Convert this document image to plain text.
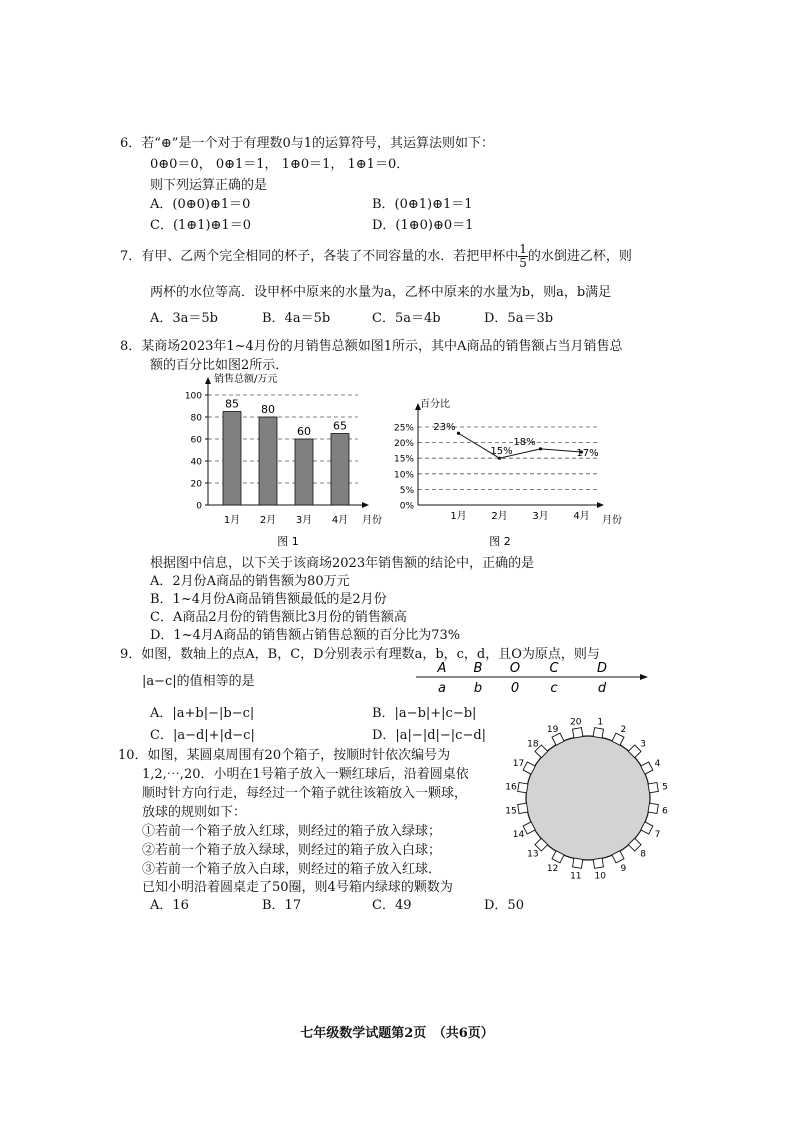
6．若“⊕”是一个对于有理数0与1的运算符号，其运算法则如下：
0⊕0＝0， 0⊕1＝1， 1⊕0＝1， 1⊕1＝0．
则下列运算正确的是
A．(0⊕0)⊕1＝0	B．(0⊕1)⊕1＝1
C．(1⊕1)⊕1＝0	D．(1⊕0)⊕0＝1
7．有甲、乙两个完全相同的杯子，各装了不同容量的水．若把甲杯中 $\frac{1}{5}$ 的水倒进乙杯，则
两杯的水位等高．设甲杯中原来的水量为a，乙杯中原来的水量为b，则a，b满足
A．3a＝5b	B．4a＝5b	C．5a＝4b	D．5a＝3b
8．某商场2023年1~4月份的月销售总额如图1所示，其中A商品的销售额占当月销售总
额的百分比如图2所示．
销售总额/万元
月份
0
20
40
60
80
100
1月 2月 3月 4月
85 80
60 65
图 1
百分比
月份
0%
5%
10%
15%
20%
25%
1月 2月 3月 4月
23%
15%
18%
17%
图 2
根据图中信息，以下关于该商场2023年销售额的结论中，正确的是
A．2月份A商品的销售额为80万元
B．1~4月份A商品销售额最低的是2月份
C．A商品2月份的销售额比3月份的销售额高
D．1~4月A商品的销售额占销售总额的百分比为73%
9．如图，数轴上的点A，B，C，D分别表示有理数a，b，c，d，且O为原点，则与
|a−c|的值相等的是
A B O C	D
a b 0 c	d
A．|a+b|−|b−c|	B．|a−b|+|c−b|
C．|a−d|+|d−c|	D．|a|−|d|−|c−d|
10．如图，某圆桌周围有20个箱子，按顺时针依次编号为
1,2,⋯,20．小明在1号箱子放入一颗红球后，沿着圆桌依
顺时针方向行走，每经过一个箱子就往该箱放入一颗球，
放球的规则如下：
①若前一个箱子放入红球，则经过的箱子放入绿球；
②若前一个箱子放入绿球，则经过的箱子放入白球；
③若前一个箱子放入白球，则经过的箱子放入红球．
已知小明沿着圆桌走了50圈，则4号箱内绿球的颗数为
A．16	B．17	C．49	D．50
1
2
3
4
5
6
7
8
9
10
11
12
13
14
15
16
17
18
19
20
七年级数学试题第2页　（共6页）
